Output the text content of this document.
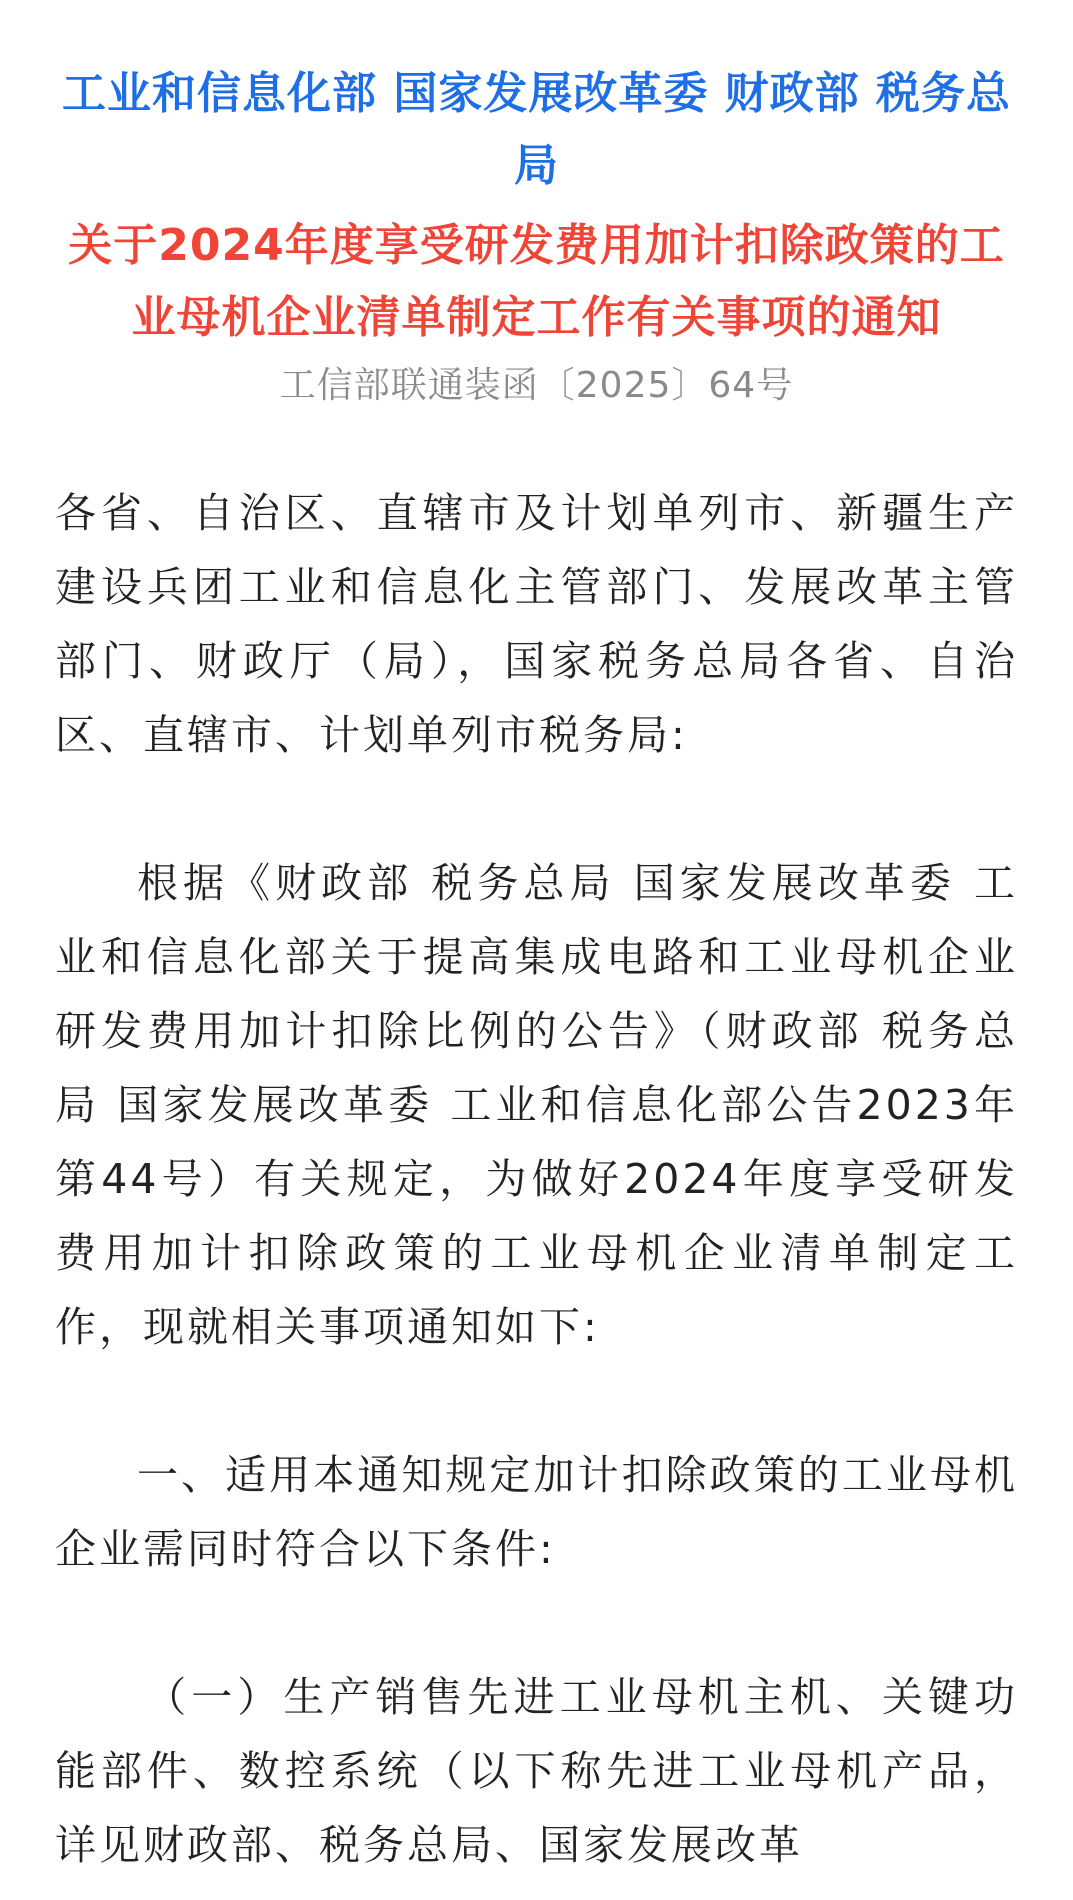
工业和信息化部 国家发展改革委 财政部 税务总局

关于2024年度享受研发费用加计扣除政策的工业母机企业清单制定工作有关事项的通知

工信部联通装函〔2025〕64号

各省、自治区、直辖市及计划单列市、新疆生产建设兵团工业和信息化主管部门、发展改革主管部门、财政厅（局），国家税务总局各省、自治区、直辖市、计划单列市税务局:

根据《财政部 税务总局 国家发展改革委 工业和信息化部关于提高集成电路和工业母机企业研发费用加计扣除比例的公告》（财政部 税务总局 国家发展改革委 工业和信息化部公告2023年第44号）有关规定，为做好2024年度享受研发费用加计扣除政策的工业母机企业清单制定工作，现就相关事项通知如下:

一、适用本通知规定加计扣除政策的工业母机企业需同时符合以下条件:

（一）生产销售先进工业母机主机、关键功能部件、数控系统（以下称先进工业母机产品，详见财政部、税务总局、国家发展改革
